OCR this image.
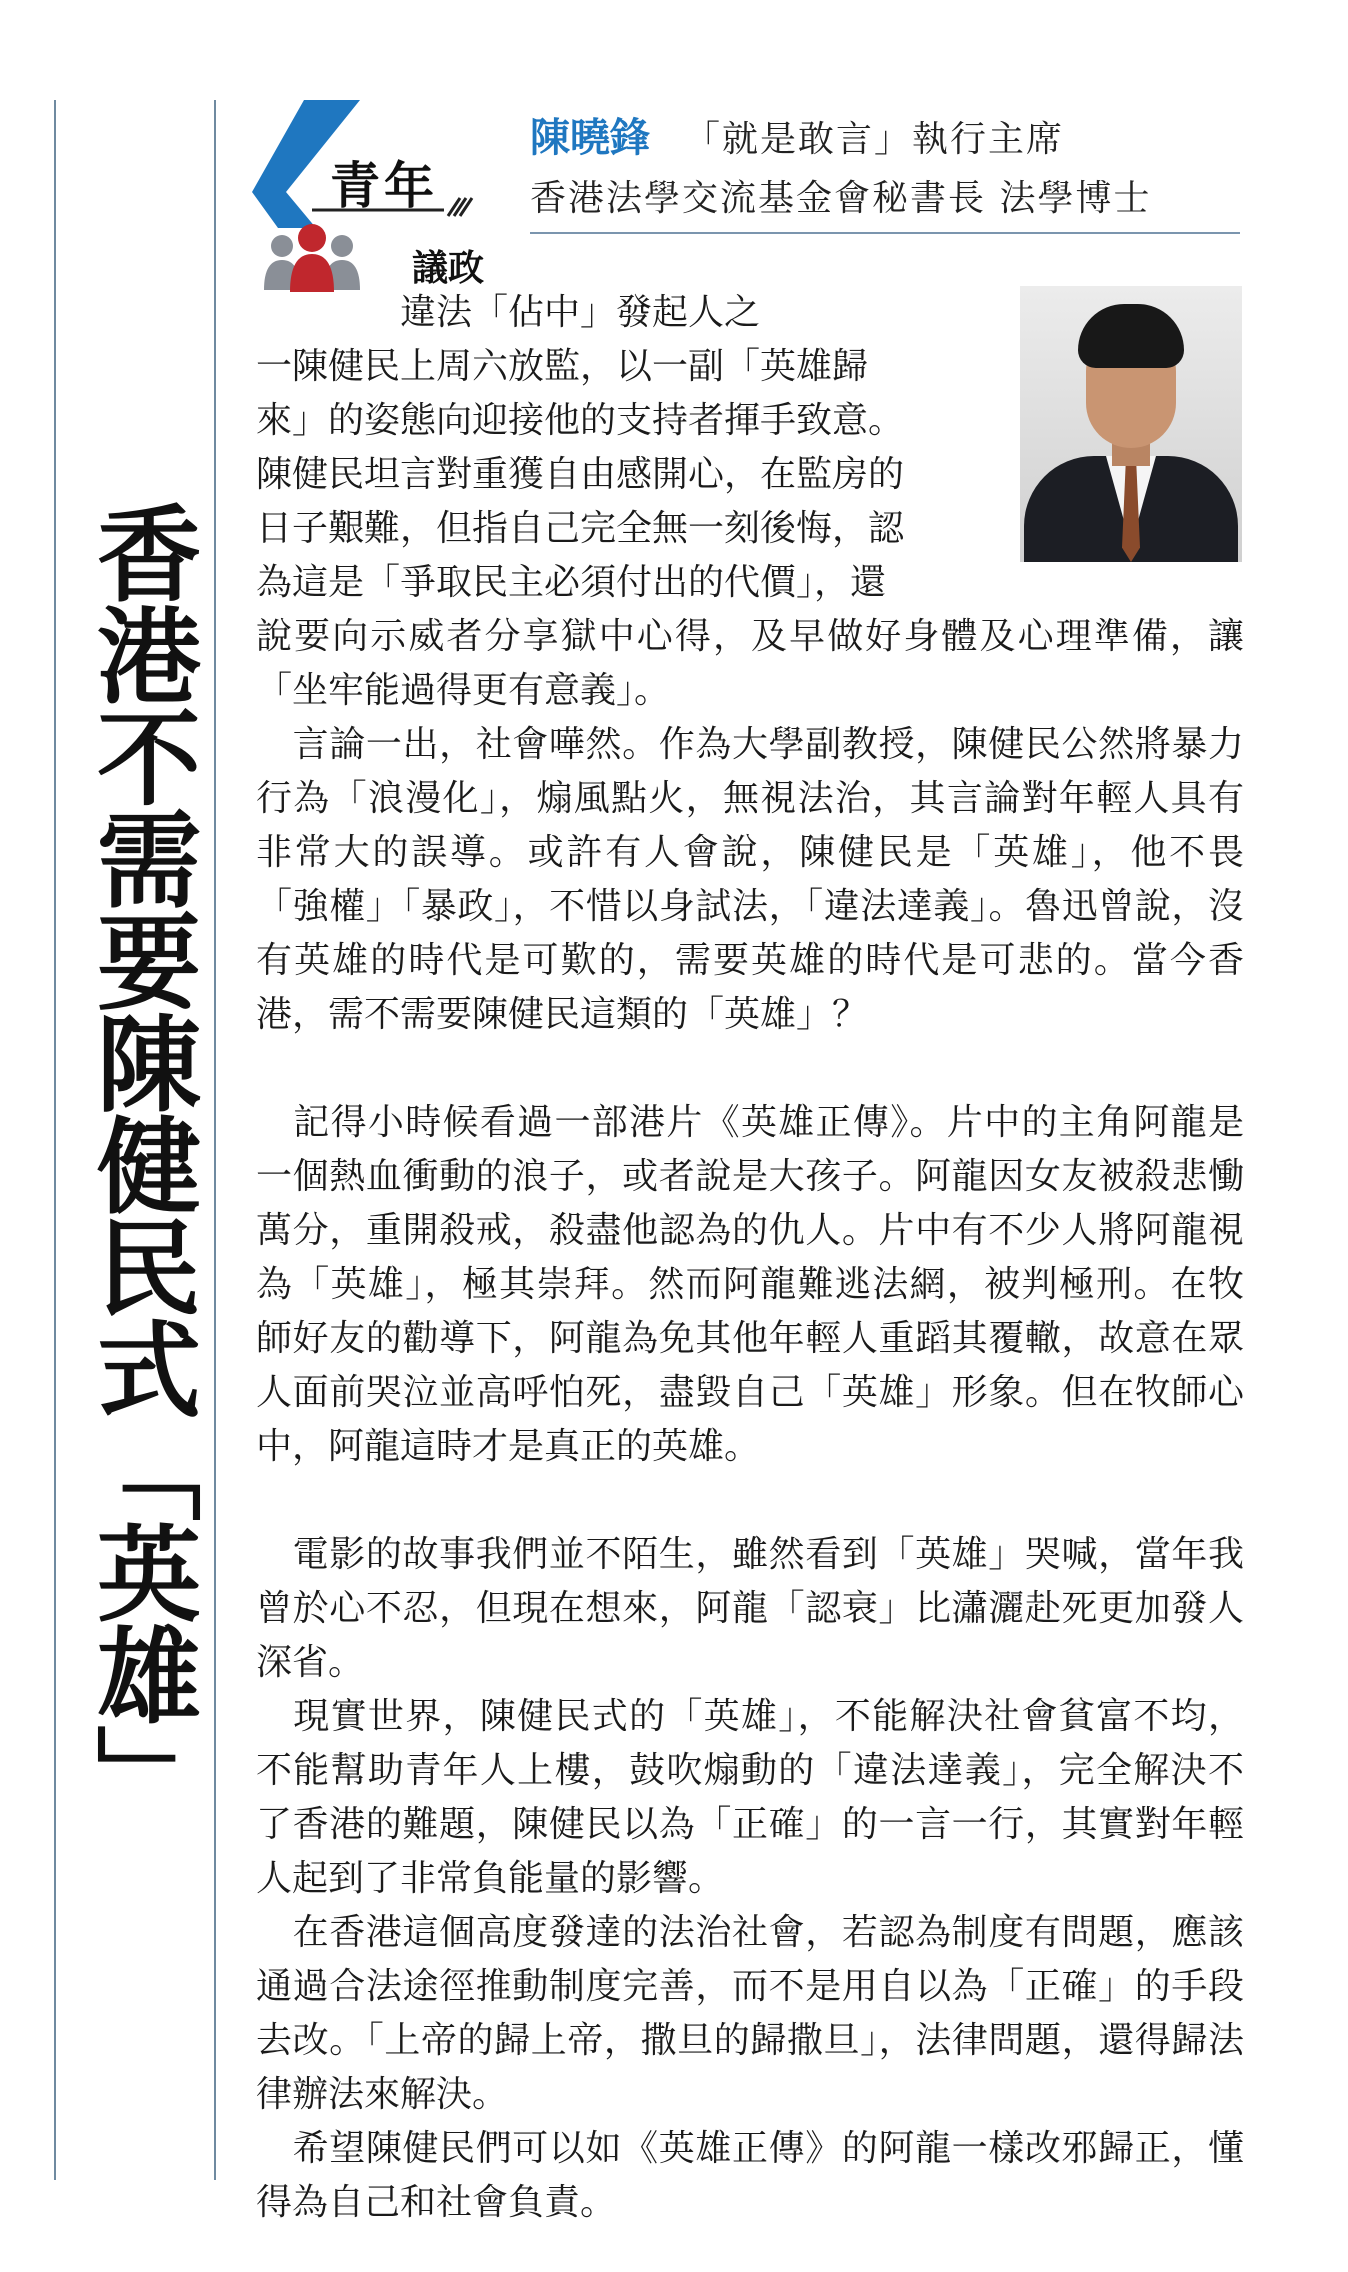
香港不需要陳健民式「英雄」
青年
議政
陳曉鋒 「就是敢言」執行主席
香港法學交流基金會秘書長 法學博士
違法「佔中」發起人之
一陳健民上周六放監，以一副「英雄歸
來」的姿態向迎接他的支持者揮手致意。
陳健民坦言對重獲自由感開心，在監房的
日子艱難，但指自己完全無一刻後悔，認
為這是「爭取民主必須付出的代價」，還

說要向示威者分享獄中心得，及早做好身體及心理準備，讓「坐牢能過得更有意義」。

言論一出，社會嘩然。作為大學副教授，陳健民公然將暴力行為「浪漫化」，煽風點火，無視法治，其言論對年輕人具有非常大的誤導。或許有人會說，陳健民是「英雄」，他不畏「強權」「暴政」，不惜以身試法，「違法達義」。魯迅曾說，沒有英雄的時代是可歎的，需要英雄的時代是可悲的。當今香港，需不需要陳健民這類的「英雄」？

記得小時候看過一部港片《英雄正傳》。片中的主角阿龍是一個熱血衝動的浪子，或者說是大孩子。阿龍因女友被殺悲慟萬分，重開殺戒，殺盡他認為的仇人。片中有不少人將阿龍視為「英雄」，極其崇拜。然而阿龍難逃法網，被判極刑。在牧師好友的勸導下，阿龍為免其他年輕人重蹈其覆轍，故意在眾人面前哭泣並高呼怕死，盡毀自己「英雄」形象。但在牧師心中，阿龍這時才是真正的英雄。

電影的故事我們並不陌生，雖然看到「英雄」哭喊，當年我曾於心不忍，但現在想來，阿龍「認衰」比瀟灑赴死更加發人深省。

現實世界，陳健民式的「英雄」，不能解決社會貧富不均，不能幫助青年人上樓，鼓吹煽動的「違法達義」，完全解決不了香港的難題，陳健民以為「正確」的一言一行，其實對年輕人起到了非常負能量的影響。

在香港這個高度發達的法治社會，若認為制度有問題，應該通過合法途徑推動制度完善，而不是用自以為「正確」的手段去改。「上帝的歸上帝，撒旦的歸撒旦」，法律問題，還得歸法律辦法來解決。

希望陳健民們可以如《英雄正傳》的阿龍一樣改邪歸正，懂得為自己和社會負責。
